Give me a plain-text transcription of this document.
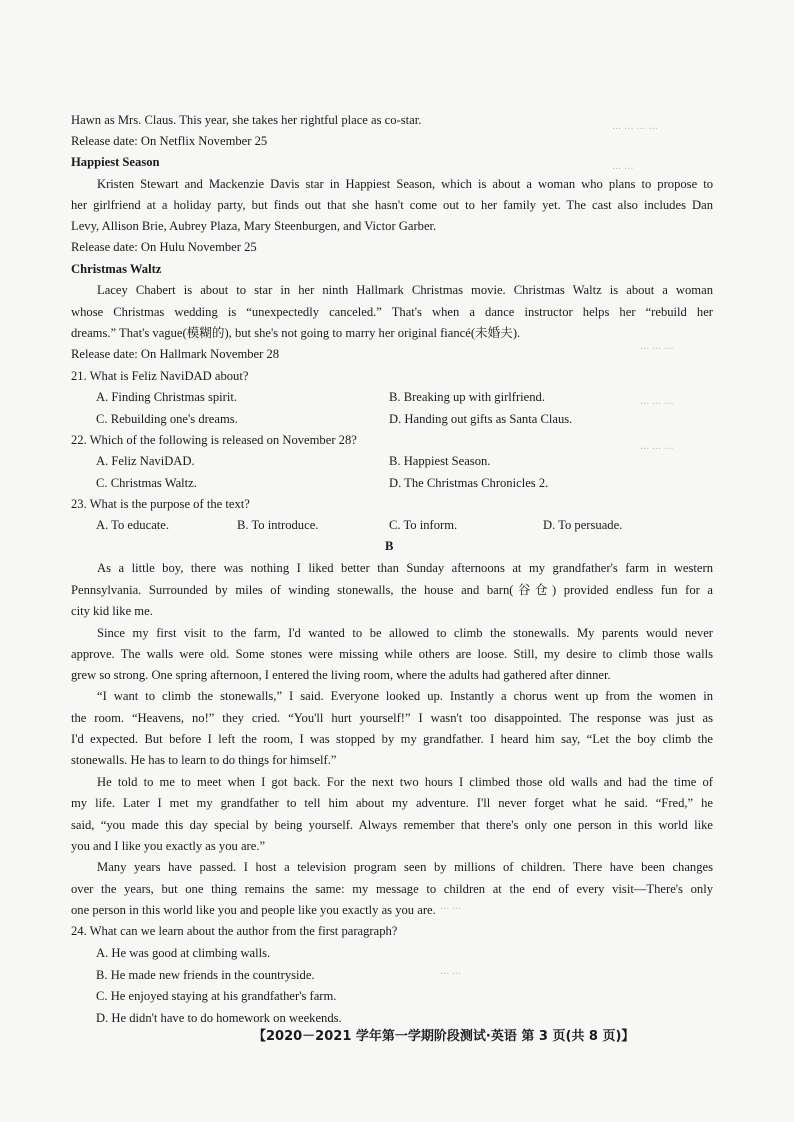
... ... ... ...
... ...
... ... ...
... ... ...
... ... ...
... ...
... ...
Hawn as Mrs. Claus. This year, she takes her rightful place as co-star.
Release date: On Netflix November 25
Happiest Season
Kristen Stewart and Mackenzie Davis star in Happiest Season, which is about a woman who plans to propose to
her girlfriend at a holiday party, but finds out that she hasn't come out to her family yet. The cast also includes Dan
Levy, Allison Brie, Aubrey Plaza, Mary Steenburgen, and Victor Garber.
Release date: On Hulu November 25
Christmas Waltz
Lacey Chabert is about to star in her ninth Hallmark Christmas movie. Christmas Waltz is about a woman
whose Christmas wedding is “unexpectedly canceled.” That's when a dance instructor helps her “rebuild her
dreams.” That's vague(模糊的), but she's not going to marry her original fiancé(未婚夫).
Release date: On Hallmark November 28
21. What is Feliz NaviDAD about?
A. Finding Christmas spirit.	B. Breaking up with girlfriend.
C. Rebuilding one's dreams.	D. Handing out gifts as Santa Claus.
22. Which of the following is released on November 28?
A. Feliz NaviDAD.	B. Happiest Season.
C. Christmas Waltz.	D. The Christmas Chronicles 2.
23. What is the purpose of the text?
A. To educate.	B. To introduce.	C. To inform.	D. To persuade.
B
As a little boy, there was nothing I liked better than Sunday afternoons at my grandfather's farm in western
Pennsylvania. Surrounded by miles of winding stonewalls, the house and barn(谷仓) provided endless fun for a
city kid like me.
Since my first visit to the farm, I'd wanted to be allowed to climb the stonewalls. My parents would never
approve. The walls were old. Some stones were missing while others are loose. Still, my desire to climb those walls
grew so strong. One spring afternoon, I entered the living room, where the adults had gathered after dinner.
“I want to climb the stonewalls,” I said. Everyone looked up. Instantly a chorus went up from the women in
the room. “Heavens, no!” they cried. “You'll hurt yourself!” I wasn't too disappointed. The response was just as
I'd expected. But before I left the room, I was stopped by my grandfather. I heard him say, “Let the boy climb the
stonewalls. He has to learn to do things for himself.”
He told to me to meet when I got back. For the next two hours I climbed those old walls and had the time of
my life. Later I met my grandfather to tell him about my adventure. I'll never forget what he said. “Fred,” he
said, “you made this day special by being yourself. Always remember that there's only one person in this world like
you and I like you exactly as you are.”
Many years have passed. I host a television program seen by millions of children. There have been changes
over the years, but one thing remains the same: my message to children at the end of every visit—There's only
one person in this world like you and people like you exactly as you are.
24. What can we learn about the author from the first paragraph?
A. He was good at climbing walls.
B. He made new friends in the countryside.
C. He enjoyed staying at his grandfather's farm.
D. He didn't have to do homework on weekends.
【2020－2021 学年第一学期阶段测试·英语 第 3 页(共 8 页)】
